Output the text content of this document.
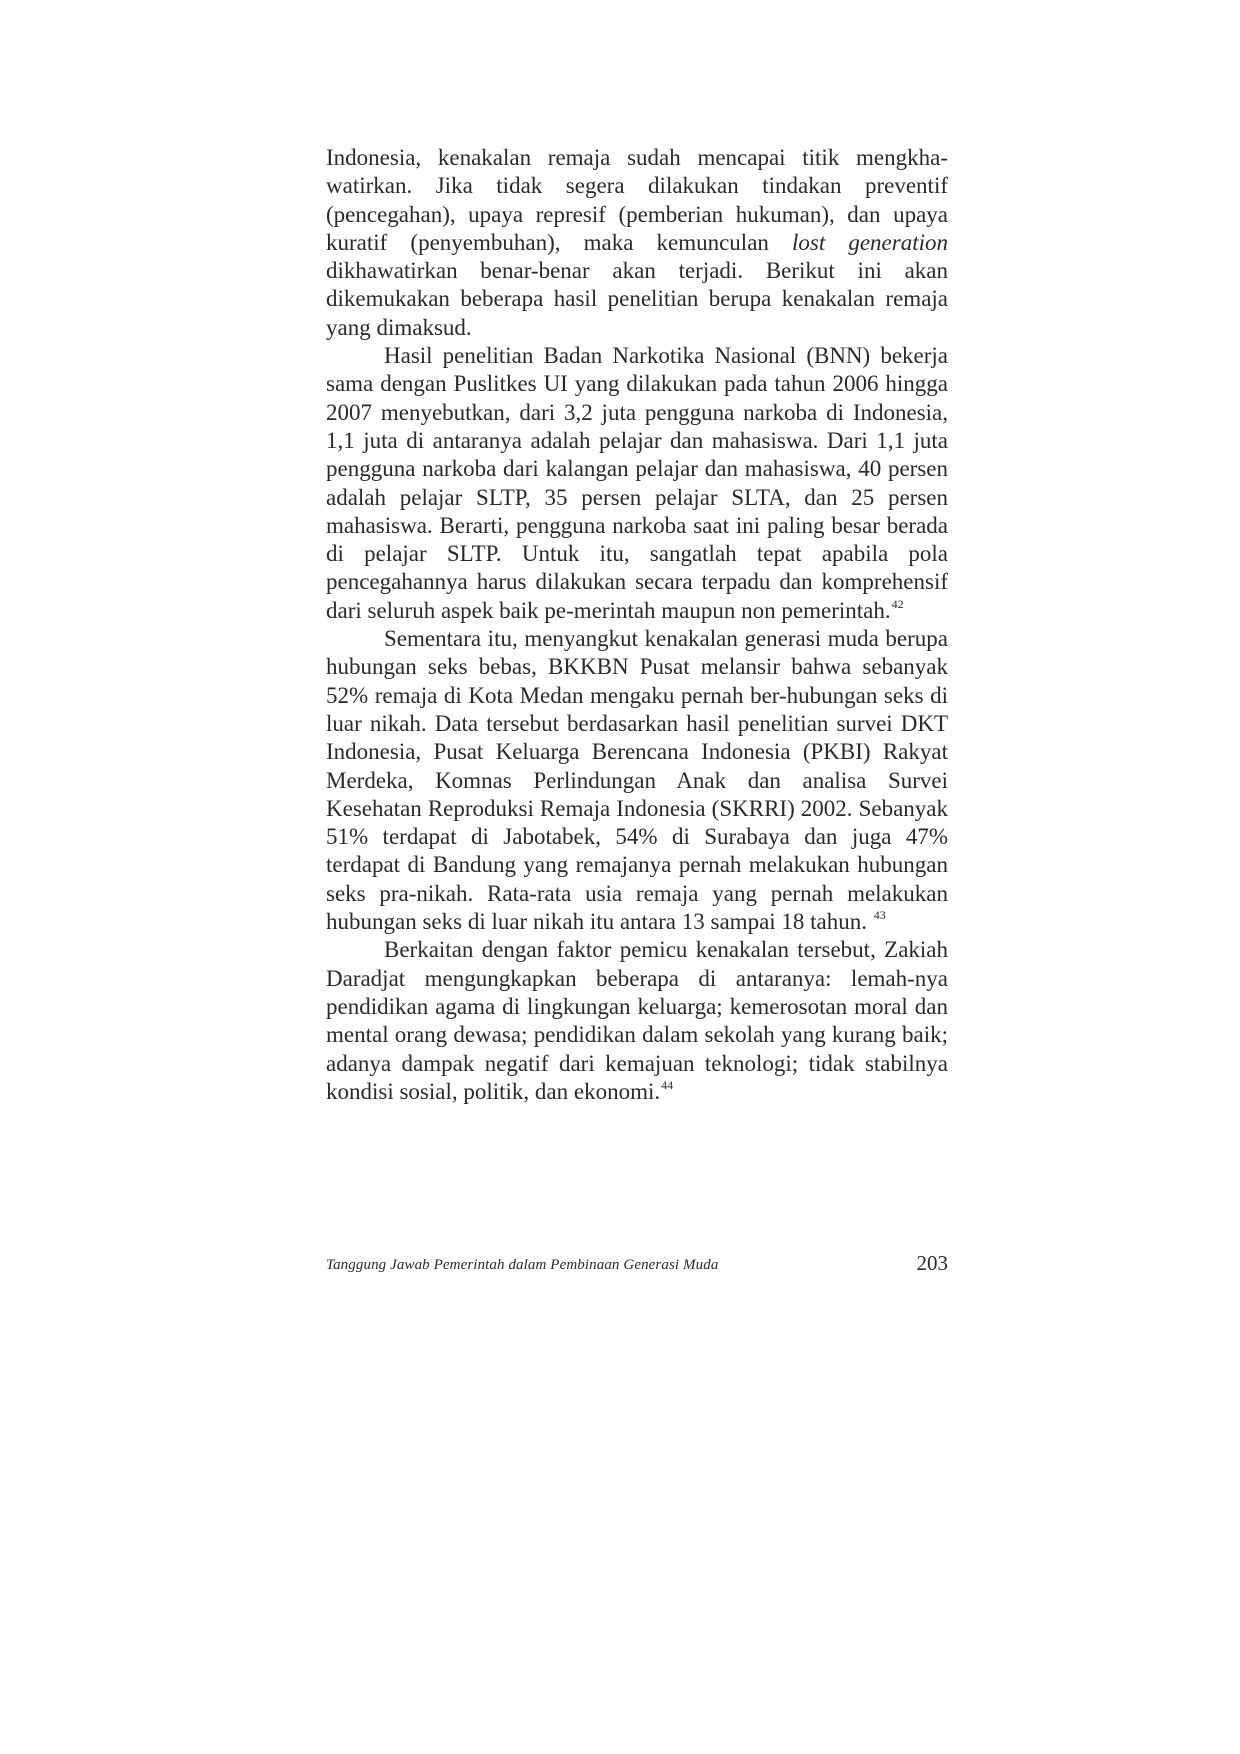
Indonesia, kenakalan remaja sudah mencapai titik mengkha-watirkan. Jika tidak segera dilakukan tindakan preventif (pencegahan), upaya represif (pemberian hukuman), dan upaya kuratif (penyembuhan), maka kemunculan lost generation dikhawatirkan benar-benar akan terjadi. Berikut ini akan dikemukakan beberapa hasil penelitian berupa kenakalan remaja yang dimaksud.

Hasil penelitian Badan Narkotika Nasional (BNN) bekerja sama dengan Puslitkes UI yang dilakukan pada tahun 2006 hingga 2007 menyebutkan, dari 3,2 juta pengguna narkoba di Indonesia, 1,1 juta di antaranya adalah pelajar dan mahasiswa. Dari 1,1 juta pengguna narkoba dari kalangan pelajar dan mahasiswa, 40 persen adalah pelajar SLTP, 35 persen pelajar SLTA, dan 25 persen mahasiswa. Berarti, pengguna narkoba saat ini paling besar berada di pelajar SLTP. Untuk itu, sangatlah tepat apabila pola pencegahannya harus dilakukan secara terpadu dan komprehensif dari seluruh aspek baik pe-merintah maupun non pemerintah.$^{42}$

Sementara itu, menyangkut kenakalan generasi muda berupa hubungan seks bebas, BKKBN Pusat melansir bahwa sebanyak 52% remaja di Kota Medan mengaku pernah ber-hubungan seks di luar nikah. Data tersebut berdasarkan hasil penelitian survei DKT Indonesia, Pusat Keluarga Berencana Indonesia (PKBI) Rakyat Merdeka, Komnas Perlindungan Anak dan analisa Survei Kesehatan Reproduksi Remaja Indonesia (SKRRI) 2002. Sebanyak 51% terdapat di Jabotabek, 54% di Surabaya dan juga 47% terdapat di Bandung yang remajanya pernah melakukan hubungan seks pra-nikah. Rata-rata usia remaja yang pernah melakukan hubungan seks di luar nikah itu antara 13 sampai 18 tahun. $^{43}$

Berkaitan dengan faktor pemicu kenakalan tersebut, Zakiah Daradjat mengungkapkan beberapa di antaranya: lemah-nya pendidikan agama di lingkungan keluarga; kemerosotan moral dan mental orang dewasa; pendidikan dalam sekolah yang kurang baik; adanya dampak negatif dari kemajuan teknologi; tidak stabilnya kondisi sosial, politik, dan ekonomi.$^{44}$

Tanggung Jawab Pemerintah dalam Pembinaan Generasi Muda	203
